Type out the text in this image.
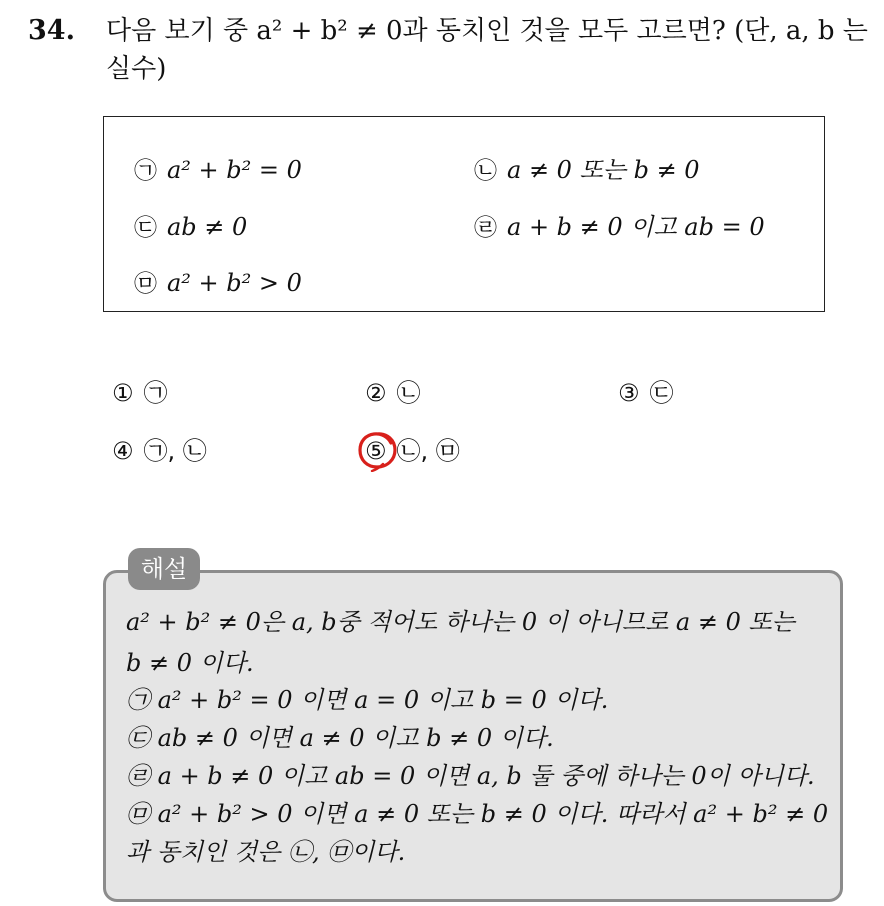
34. 다음 보기 중 a² + b² ≠ 0과 동치인 것을 모두 고르면? (단, a, b 는
실수)
㉠ a² + b² = 0	㉡ a ≠ 0 또는 b ≠ 0
㉢ ab ≠ 0	㉣ a + b ≠ 0 이고 ab = 0
㉤ a² + b² > 0
① ㉠	② ㉡	③ ㉢
④ ㉠, ㉡	⑤ ㉡, ㉤
해설
a² + b² ≠ 0은 a, b중 적어도 하나는 0 이 아니므로 a ≠ 0 또는
b ≠ 0 이다.
㉠ a² + b² = 0 이면 a = 0 이고 b = 0 이다.
㉢ ab ≠ 0 이면 a ≠ 0 이고 b ≠ 0 이다.
㉣ a + b ≠ 0 이고 ab = 0 이면 a, b 둘 중에 하나는 0이 아니다.
㉤ a² + b² > 0 이면 a ≠ 0 또는 b ≠ 0 이다. 따라서 a² + b² ≠ 0
과 동치인 것은 ㉡, ㉤이다.
